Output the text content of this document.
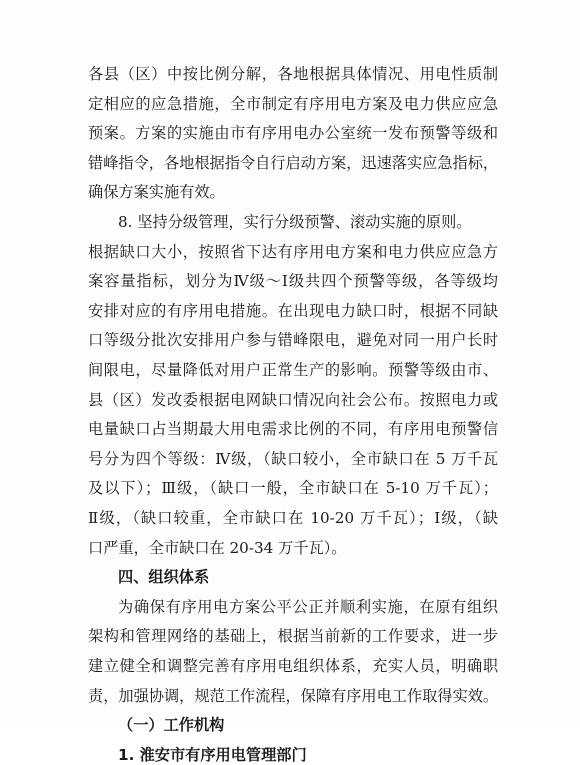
各县（区）中按比例分解，各地根据具体情况、用电性质制
定相应的应急措施，全市制定有序用电方案及电力供应应急
预案。方案的实施由市有序用电办公室统一发布预警等级和
错峰指令，各地根据指令自行启动方案，迅速落实应急指标，
确保方案实施有效。
8. 坚持分级管理，实行分级预警、滚动实施的原则。
根据缺口大小，按照省下达有序用电方案和电力供应应急方
案容量指标，划分为Ⅳ级～Ⅰ级共四个预警等级，各等级均
安排对应的有序用电措施。在出现电力缺口时，根据不同缺
口等级分批次安排用户参与错峰限电，避免对同一用户长时
间限电，尽量降低对用户正常生产的影响。预警等级由市、
县（区）发改委根据电网缺口情况向社会公布。按照电力或
电量缺口占当期最大用电需求比例的不同，有序用电预警信
号分为四个等级：Ⅳ级，（缺口较小，全市缺口在 5 万千瓦
及以下）；Ⅲ级，（缺口一般，全市缺口在 5-10 万千瓦）；
Ⅱ级，（缺口较重，全市缺口在 10-20 万千瓦）；Ⅰ级，（缺
口严重，全市缺口在 20-34 万千瓦）。
四、组织体系
为确保有序用电方案公平公正并顺利实施，在原有组织
架构和管理网络的基础上，根据当前新的工作要求，进一步
建立健全和调整完善有序用电组织体系，充实人员，明确职
责，加强协调，规范工作流程，保障有序用电工作取得实效。
（一）工作机构
1. 淮安市有序用电管理部门
